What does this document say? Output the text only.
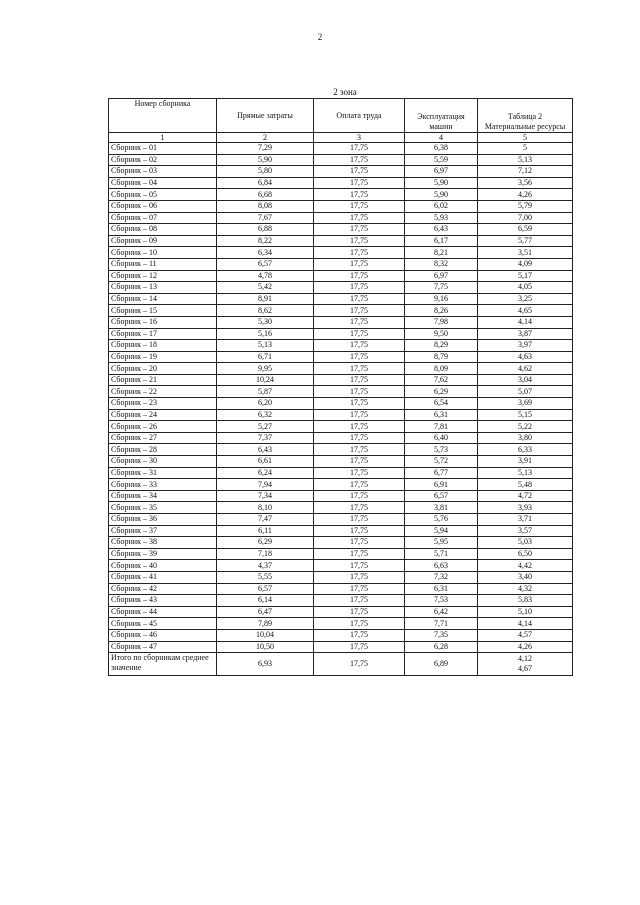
2
2 зона
Номер сборника	Прямые затраты	Оплата труда	Эксплуатация машин	Таблица 2
Материальные ресурсы

1	2	3	4	5
Сборник – 01	7,29	17,75	6,38	5
Сборник – 02	5,90	17,75	5,59	5,13
Сборник – 03	5,80	17,75	6,97	7,12
Сборник – 04	6,84	17,75	5,90	3,56
Сборник – 05	6,68	17,75	5,90	4,26
Сборник – 06	8,08	17,75	6,02	5,79
Сборник – 07	7,67	17,75	5,93	7,00
Сборник – 08	6,88	17,75	6,43	6,59
Сборник – 09	8,22	17,75	6,17	5,77
Сборник – 10	6,34	17,75	8,21	3,51
Сборник – 11	6,57	17,75	8,32	4,09
Сборник – 12	4,78	17,75	6,97	5,17
Сборник – 13	5,42	17,75	7,75	4,05
Сборник – 14	8,91	17,75	9,16	3,25
Сборник – 15	8,62	17,75	8,26	4,65
Сборник – 16	5,30	17,75	7,98	4,14
Сборник – 17	5,16	17,75	9,50	3,87
Сборник – 18	5,13	17,75	8,29	3,97
Сборник – 19	6,71	17,75	8,79	4,63
Сборник – 20	9,95	17,75	8,09	4,62
Сборник – 21	10,24	17,75	7,62	3,04
Сборник – 22	5,87	17,75	6,29	5,07
Сборник – 23	6,20	17,75	6,54	3,69
Сборник – 24	6,32	17,75	6,31	5,15
Сборник – 26	5,27	17,75	7,81	5,22
Сборник – 27	7,37	17,75	6,40	3,80
Сборник – 28	6,43	17,75	5,73	6,33
Сборник – 30	6,61	17,75	5,72	3,91
Сборник – 31	6,24	17,75	6,77	5,13
Сборник – 33	7,94	17,75	6,91	5,48
Сборник – 34	7,34	17,75	6,57	4,72
Сборник – 35	8,10	17,75	3,81	3,93
Сборник – 36	7,47	17,75	5,76	3,71
Сборник – 37	6,11	17,75	5,94	3,57
Сборник – 38	6,29	17,75	5,95	5,03
Сборник – 39	7,18	17,75	5,71	6,50
Сборник – 40	4,37	17,75	6,63	4,42
Сборник – 41	5,55	17,75	7,32	3,40
Сборник – 42	6,57	17,75	6,31	4,32
Сборник – 43	6,14	17,75	7,53	5,83
Сборник – 44	6,47	17,75	6,42	5,10
Сборник – 45	7,89	17,75	7,71	4,14
Сборник – 46	10,04	17,75	7,35	4,57
Сборник – 47	10,50	17,75	6,28	4,26
Итого по сборникам среднее значение	6,93	17,75	6,89	4,12
4,67
